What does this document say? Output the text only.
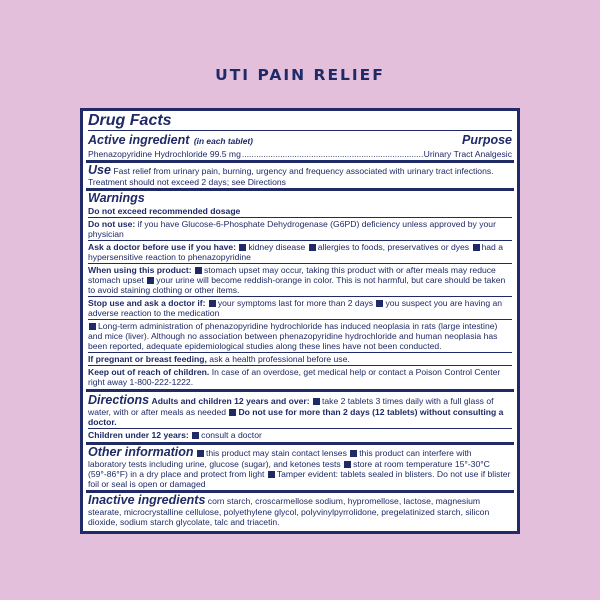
UTI PAIN RELIEF
Drug Facts
Active ingredient (in each tablet)	Purpose
Phenazopyridine Hydrochloride 99.5 mg
.....	Urinary Tract Analgesic
Use Fast relief from urinary pain, burning, urgency and frequency associated with urinary tract infections. Treatment should not exceed 2 days; see Directions
Warnings
Do not exceed recommended dosage
Do not use: if you have Glucose-6-Phosphate Dehydrogenase (G6PD) deficiency unless approved by your physician
Ask a doctor before use if you have: kidney disease allergies to foods, preservatives or dyes had a hypersensitive reaction to phenazopyridine
When using this product: stomach upset may occur, taking this product with or after meals may reduce stomach upset your urine will become reddish-orange in color. This is not harmful, but care should be taken to avoid staining clothing or other items.
Stop use and ask a doctor if: your symptoms last for more than 2 days you suspect you are having an adverse reaction to the medication
Long-term administration of phenazopyridine hydrochloride has induced neoplasia in rats (large intestine) and mice (liver). Although no association between phenazopyridine hydrochloride and human neoplasia has been reported, adequate epidemiological studies along these lines have not been conducted.
If pregnant or breast feeding, ask a health professional before use.
Keep out of reach of children. In case of an overdose, get medical help or contact a Poison Control Center right away 1-800-222-1222.
Directions Adults and children 12 years and over: take 2 tablets 3 times daily with a full glass of water, with or after meals as needed Do not use for more than 2 days (12 tablets) without consulting a doctor.
Children under 12 years: consult a doctor
Other information this product may stain contact lenses this product can interfere with laboratory tests including urine, glucose (sugar), and ketones tests store at room temperature 15°-30°C (59°-86°F) in a dry place and protect from light Tamper evident: tablets sealed in blisters. Do not use if blister foil or seal is open or damaged
Inactive ingredients corn starch, croscarmellose sodium, hypromellose, lactose, magnesium stearate, microcrystalline cellulose, polyethylene glycol, polyvinylpyrrolidone, pregelatinized starch, silicon dioxide, sodium starch glycolate, talc and triacetin.
